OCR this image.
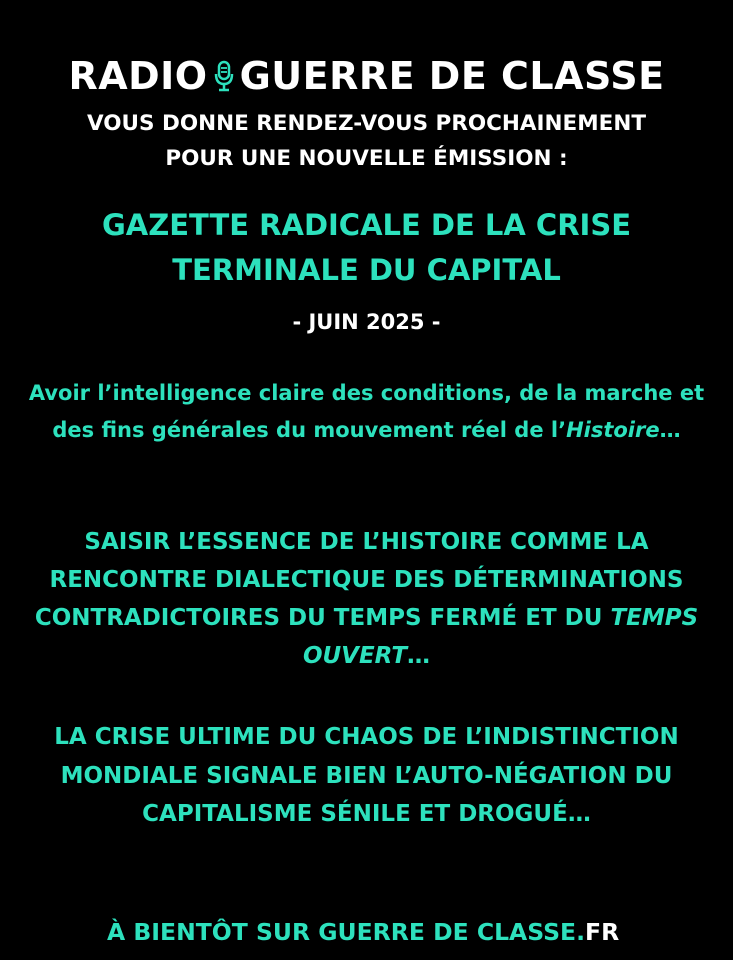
RADIO GUERRE DE CLASSE
VOUS DONNE RENDEZ-VOUS PROCHAINEMENT
POUR UNE NOUVELLE ÉMISSION :
GAZETTE RADICALE DE LA CRISE
TERMINALE DU CAPITAL
- JUIN 2025 -
Avoir l’intelligence claire des conditions, de la marche et des fins générales du mouvement réel de l’Histoire…
SAISIR L’ESSENCE DE L’HISTOIRE COMME LA RENCONTRE DIALECTIQUE DES DÉTERMINATIONS CONTRADICTOIRES DU TEMPS FERMÉ ET DU TEMPS OUVERT…
LA CRISE ULTIME DU CHAOS DE L’INDISTINCTION MONDIALE SIGNALE BIEN L’AUTO-NÉGATION DU CAPITALISME SÉNILE ET DROGUÉ…
À BIENTÔT SUR GUERRE DE CLASSE.FR
